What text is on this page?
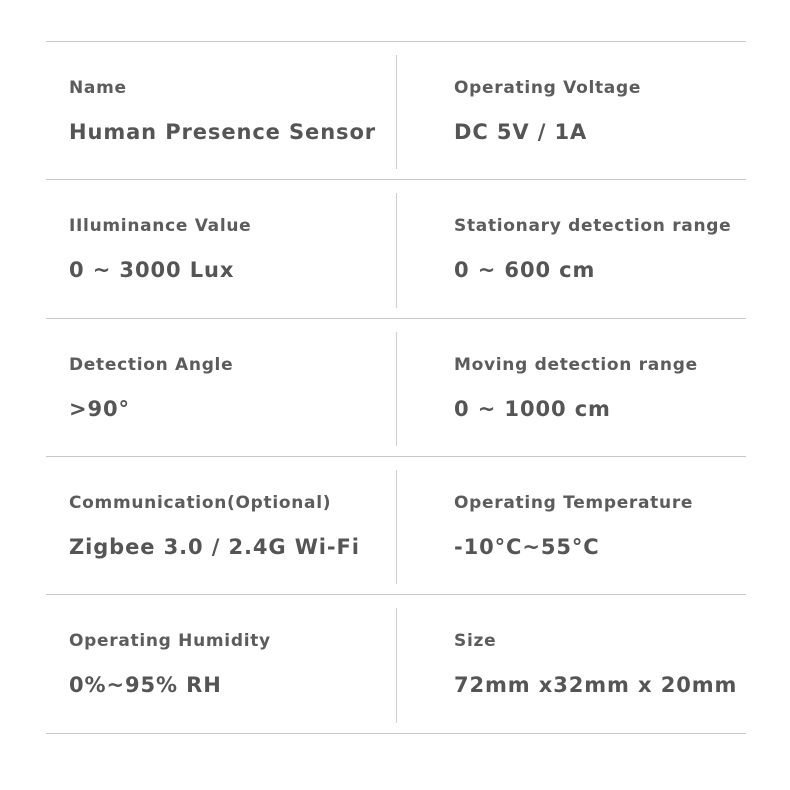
Name
Human Presence Sensor
Operating Voltage
DC 5V / 1A
IIluminance Value
0 ~ 3000 Lux
Stationary detection range
0 ~ 600 cm
Detection Angle
>90°
Moving detection range
0 ~ 1000 cm
Communication(Optional)
Zigbee 3.0 / 2.4G Wi-Fi
Operating Temperature
-10°C~55°C
Operating Humidity
0%~95% RH
Size
72mm x32mm x 20mm
